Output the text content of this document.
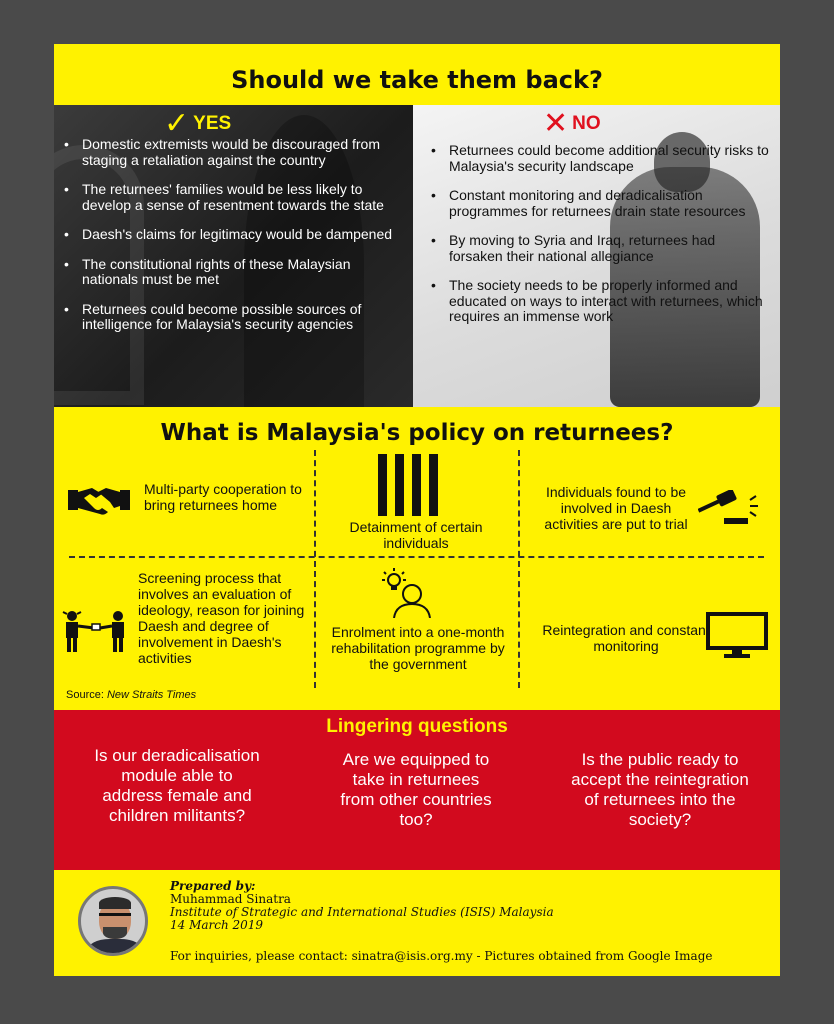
Should we take them back?
✓ YES
• Domestic extremists would be discouraged from staging a retaliation against the country
• The returnees' families would be less likely to develop a sense of resentment towards the state
• Daesh's claims for legitimacy would be dampened
• The constitutional rights of these Malaysian nationals must be met
• Returnees could become possible sources of intelligence for Malaysia's security agencies
✕ NO
• Returnees could become additional security risks to Malaysia's security landscape
• Constant monitoring and deradicalisation programmes for returnees drain state resources
• By moving to Syria and Iraq, returnees had forsaken their national allegiance
• The society needs to be properly informed and educated on ways to interact with returnees, which requires an immense work
What is Malaysia's policy on returnees?
Multi-party cooperation to bring returnees home
Detainment of certain individuals
Individuals found to be involved in Daesh activities are put to trial
Screening process that involves an evaluation of ideology, reason for joining Daesh and degree of involvement in Daesh's activities
Enrolment into a one-month rehabilitation programme by the government
Reintegration and constant monitoring
Source: New Straits Times
Lingering questions
Is our deradicalisation module able to address female and children militants?
Are we equipped to take in returnees from other countries too?
Is the public ready to accept the reintegration of returnees into the society?
Prepared by:
Muhammad Sinatra
Institute of Strategic and International Studies (ISIS) Malaysia
14 March 2019
For inquiries, please contact: sinatra@isis.org.my - Pictures obtained from Google Image
